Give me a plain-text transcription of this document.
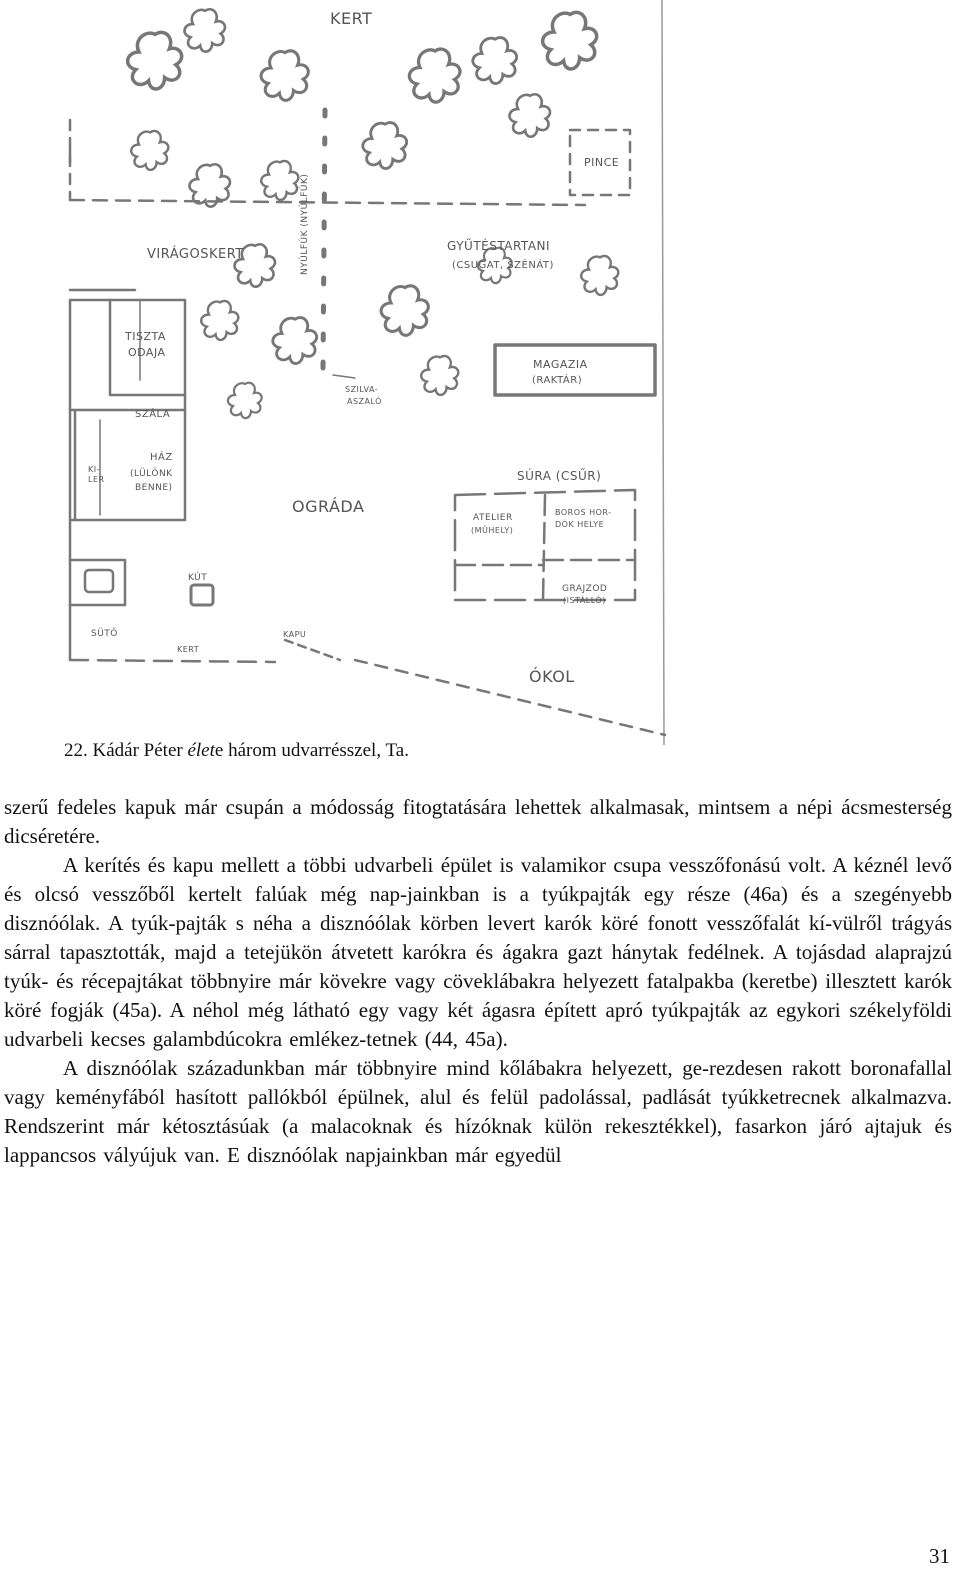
KERT
PINCE
VIRÁGOSKERT	NYÚLFÚK (NYÚLFÚK)	GYŰTÉSTARTANI
(CSUGAT, SZÉNÁT)
TISZTA
ODAJA
SZÁLA
SZILVA-
ASZALÓ
MAGAZIA
(RAKTÁR)
KI-
LER
HÁZ
(LÜLÖNK
BENNE)
SÚRA (CSŰR)
ATELIER
(MŰHELY)
BOROS HOR-
DÓK HELYE
OGRÁDA
KÚT
GRAJZOD
(ISTÁLLÓ)
SÜTŐ
KERT
KAPU
ÓKOL
22. Kádár Péter élete három udvarrésszel, Ta.

szerű fedeles kapuk már csupán a módosság fitogtatására lehettek alkalmasak, mintsem a népi ácsmesterség dicséretére.

A kerítés és kapu mellett a többi udvarbeli épület is valamikor csupa vesszőfonású volt. A kéznél levő és olcsó vesszőből kertelt falúak még nap-jainkban is a tyúkpajták egy része (46a) és a szegényebb disznóólak. A tyúk-pajták s néha a disznóólak körben levert karók köré fonott vesszőfalát kí-vülről trágyás sárral tapasztották, majd a tetejükön átvetett karókra és ágakra gazt hánytak fedélnek. A tojásdad alaprajzú tyúk- és récepajtákat többnyire már kövekre vagy cöveklábakra helyezett fatalpakba (keretbe) illesztett karók köré fogják (45a). A néhol még látható egy vagy két ágasra épített apró tyúkpajták az egykori székelyföldi udvarbeli kecses galambdúcokra emlékez-tetnek (44, 45a).

A disznóólak századunkban már többnyire mind kőlábakra helyezett, ge-rezdesen rakott boronafallal vagy keményfából hasított pallókból épülnek, alul és felül padolással, padlását tyúkketrecnek alkalmazva. Rendszerint már kétosztásúak (a malacoknak és hízóknak külön rekesztékkel), fasarkon járó ajtajuk és lappancsos vályújuk van. E disznóólak napjainkban már egyedül

31
